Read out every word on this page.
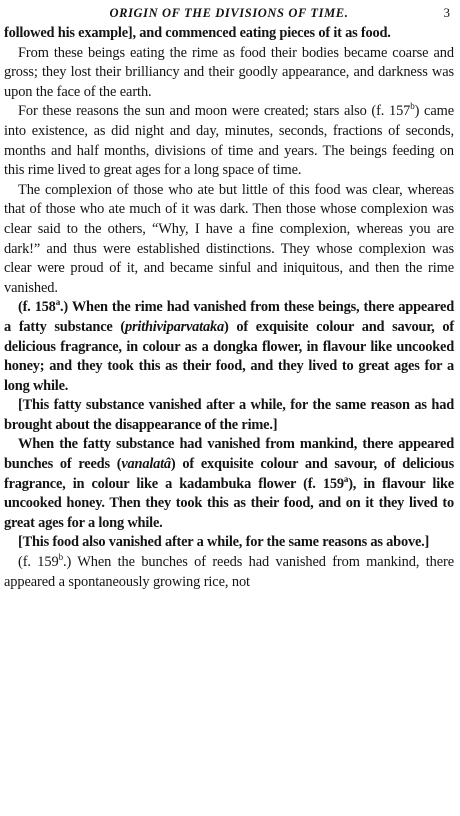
ORIGIN OF THE DIVISIONS OF TIME.	3

followed his example], and commenced eating pieces of it as food.

From these beings eating the rime as food their bodies became coarse and gross; they lost their brilliancy and their goodly appearance, and darkness was upon the face of the earth.

For these reasons the sun and moon were created; stars also (f. 157$^b$) came into existence, as did night and day, minutes, seconds, fractions of seconds, months and half months, divisions of time and years. The beings feeding on this rime lived to great ages for a long space of time.

The complexion of those who ate but little of this food was clear, whereas that of those who ate much of it was dark. Then those whose complexion was clear said to the others, “Why, I have a fine complexion, whereas you are dark!” and thus were established distinctions. They whose complexion was clear were proud of it, and became sinful and iniquitous, and then the rime vanished.

(f. 158$^a$.) When the rime had vanished from these beings, there appeared a fatty substance (prithiviparvataka) of exquisite colour and savour, of delicious fragrance, in colour as a dongka flower, in flavour like uncooked honey; and they took this as their food, and they lived to great ages for a long while.

[This fatty substance vanished after a while, for the same reason as had brought about the disappearance of the rime.]

When the fatty substance had vanished from mankind, there appeared bunches of reeds (vanalatâ) of exquisite colour and savour, of delicious fragrance, in colour like a kadambuka flower (f. 159$^a$), in flavour like uncooked honey. Then they took this as their food, and on it they lived to great ages for a long while.

[This food also vanished after a while, for the same reasons as above.]

(f. 159$^b$.) When the bunches of reeds had vanished from mankind, there appeared a spontaneously growing rice, not
